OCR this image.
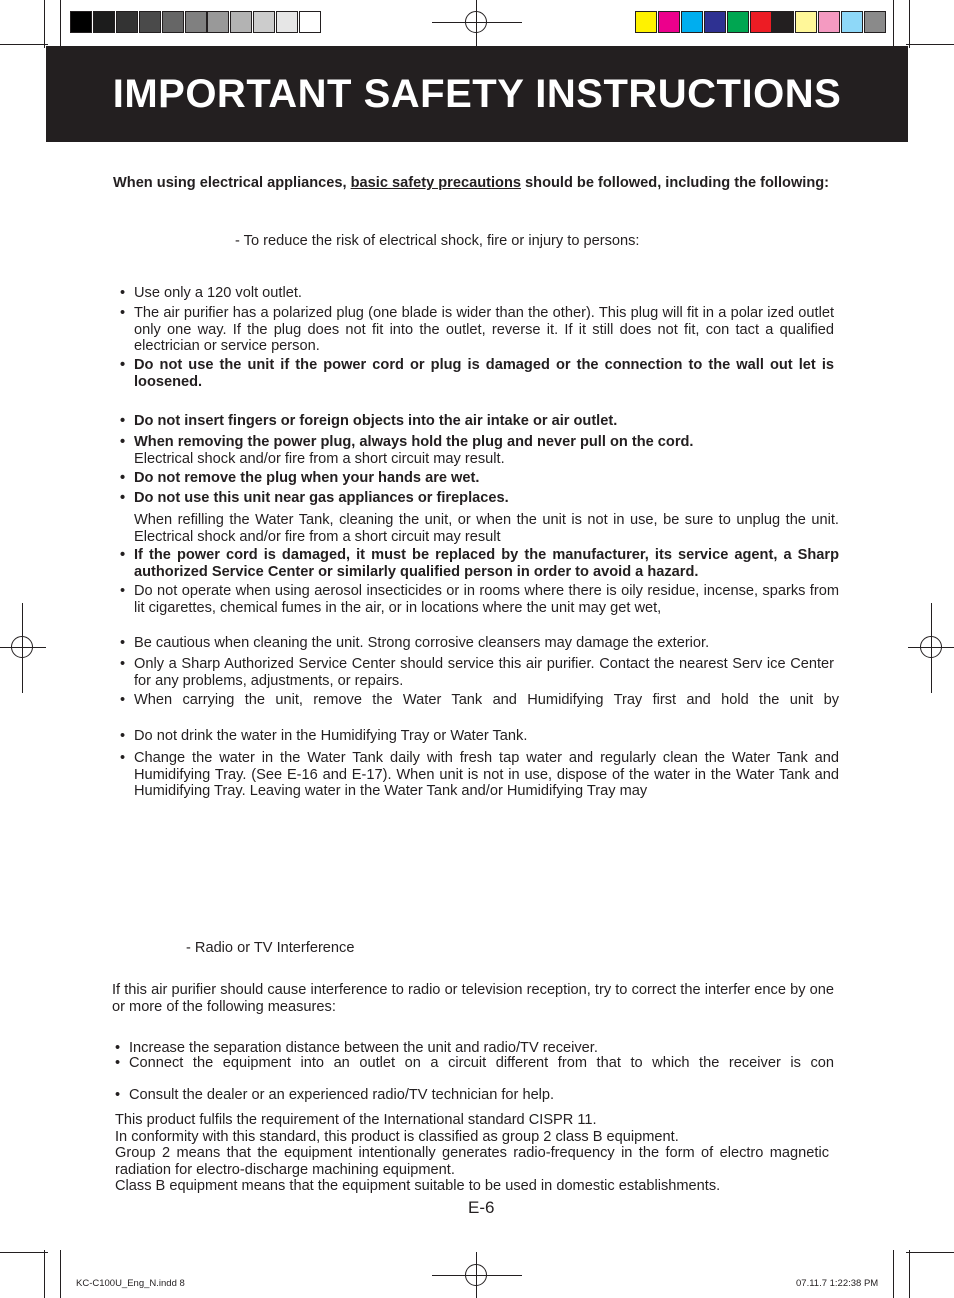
IMPORTANT SAFETY INSTRUCTIONS
When using electrical appliances, basic safety precautions should be followed, including the following:
- To reduce the risk of electrical shock, fire or injury to persons:
• Use only a 120 volt outlet.
• The air purifier has a polarized plug (one blade is wider than the other). This plug will fit in a polar ized outlet only one way. If the plug does not fit into the outlet, reverse it. If it still does not fit, con tact a qualified electrician or service person.
• Do not use the unit if the power cord or plug is damaged or the connection to the wall out let is loosened.
• Do not insert fingers or foreign objects into the air intake or air outlet.
• When removing the power plug, always hold the plug and never pull on the cord.
Electrical shock and/or fire from a short circuit may result.
• Do not remove the plug when your hands are wet.
• Do not use this unit near gas appliances or fireplaces.
When refilling the Water Tank, cleaning the unit, or when the unit is not in use, be sure to unplug the unit. Electrical shock and/or fire from a short circuit may result
• If the power cord is damaged, it must be replaced by the manufacturer, its service agent, a Sharp authorized Service Center or similarly qualified person in order to avoid a hazard.
• Do not operate when using aerosol insecticides or in rooms where there is oily residue, incense, sparks from lit cigarettes, chemical fumes in the air, or in locations where the unit may get wet,
• Be cautious when cleaning the unit. Strong corrosive cleansers may damage the exterior.
• Only a Sharp Authorized Service Center should service this air purifier. Contact the nearest Serv ice Center for any problems, adjustments, or repairs.
• When carrying the unit, remove the Water Tank and Humidifying Tray first and hold the unit by
• Do not drink the water in the Humidifying Tray or Water Tank.
• Change the water in the Water Tank daily with fresh tap water and regularly clean the Water Tank and Humidifying Tray. (See E-16 and E-17). When unit is not in use, dispose of the water in the Water Tank and Humidifying Tray. Leaving water in the Water Tank and/or Humidifying Tray may
- Radio or TV Interference
If this air purifier should cause interference to radio or television reception, try to correct the interfer ence by one or more of the following measures:
• Increase the separation distance between the unit and radio/TV receiver.
• Connect the equipment into an outlet on a circuit different from that to which the receiver is con
• Consult the dealer or an experienced radio/TV technician for help.
This product fulfils the requirement of the International standard CISPR 11.
In conformity with this standard, this product is classified as group 2 class B equipment.
Group 2 means that the equipment intentionally generates radio-frequency in the form of electro magnetic radiation for electro-discharge machining equipment.
Class B equipment means that the equipment suitable to be used in domestic establishments.
E-6
KC-C100U_Eng_N.indd 8	07.11.7 1:22:38 PM
